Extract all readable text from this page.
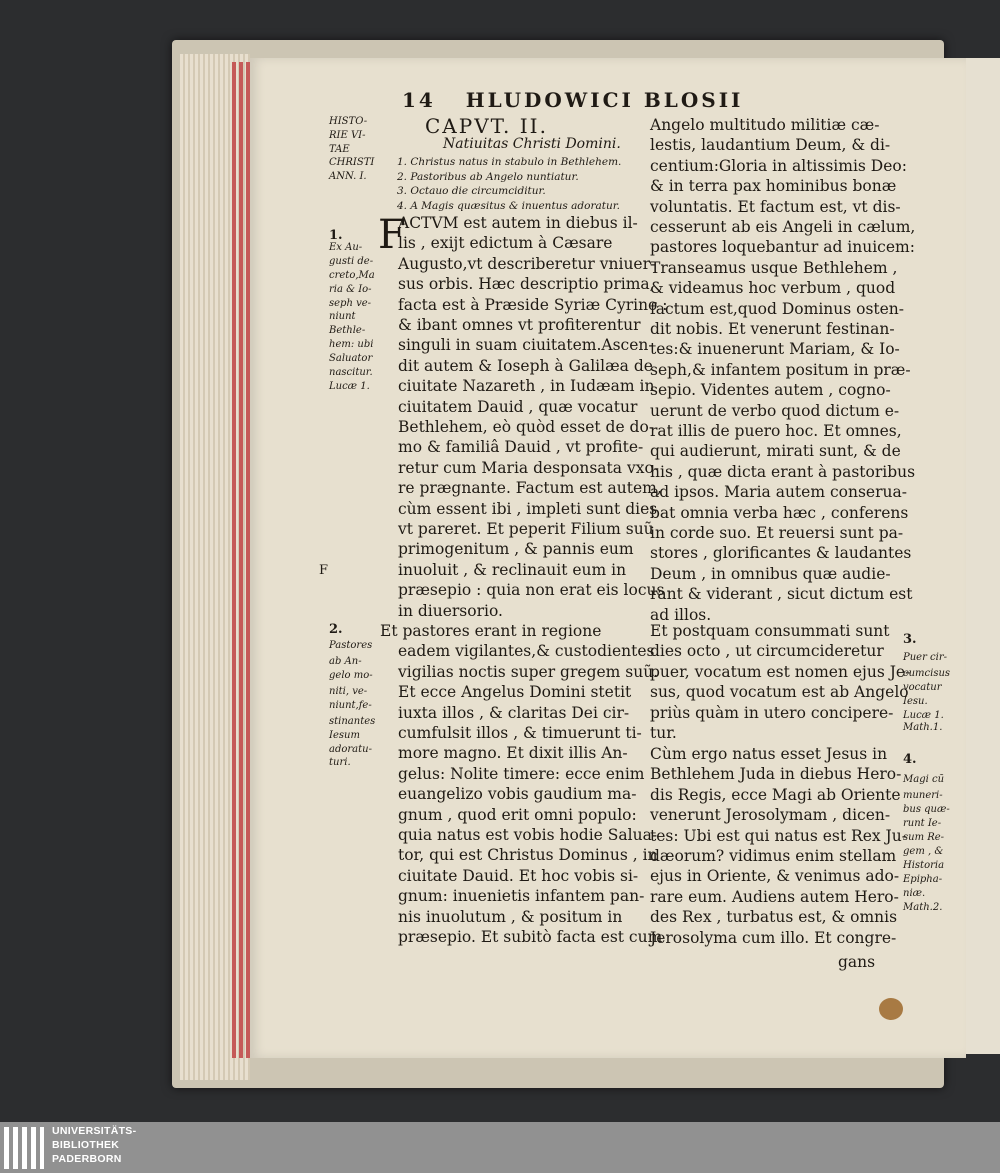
14 HLUDOWICI BLOSII
CAPVT. II.
Natiuitas Christi Domini.
1. Christus natus in stabulo in Bethlehem.
2. Pastoribus ab Angelo nuntiatur.
3. Octauo die circumciditur.
4. A Magis quæsitus & inuentus adoratur.
F
F
ACTVM est autem in diebus il-
lis , exijt edictum à Cæsare
Augusto,vt describeretur vniuer-
sus orbis. Hæc descriptio prima,
facta est à Præside Syriæ Cyrino :
& ibant omnes vt profiterentur
singuli in suam ciuitatem.Ascen-
dit autem & Ioseph à Galilæa de
ciuitate Nazareth , in Iudæam in
ciuitatem Dauid , quæ vocatur
Bethlehem, eò quòd esset de do-
mo & familiâ Dauid , vt profite-
retur cum Maria desponsata vxo-
re prægnante. Factum est autem,
cùm essent ibi , impleti sunt dies
vt pareret. Et peperit Filium suũ
primogenitum , & pannis eum
inuoluit , & reclinauit eum in
præsepio : quia non erat eis locus
in diuersorio.
Et pastores erant in regione
eadem vigilantes,& custodientes
vigilias noctis super gregem suũ.
Et ecce Angelus Domini stetit
iuxta illos , & claritas Dei cir-
cumfulsit illos , & timuerunt ti-
more magno. Et dixit illis An-
gelus: Nolite timere: ecce enim
euangelizo vobis gaudium ma-
gnum , quod erit omni populo:
quia natus est vobis hodie Saluа-
tor, qui est Christus Dominus , in
ciuitate Dauid. Et hoc vobis si-
gnum: inuenietis infantem pan-
nis inuolutum , & positum in
præsepio. Et subitò facta est cum
Angelo multitudo militiæ cæ-
lestis, laudantium Deum, & di-
centium:Gloria in altissimis Deo:
& in terra pax hominibus bonæ
voluntatis. Et factum est, vt dis-
cesserunt ab eis Angeli in cælum,
pastores loquebantur ad inuicem:
Transeamus usque Bethlehem ,
& videamus hoc verbum , quod
factum est,quod Dominus osten-
dit nobis. Et venerunt festinan-
tes:& inuenerunt Mariam, & Io-
seph,& infantem positum in præ-
sepio. Videntes autem , cogno-
uerunt de verbo quod dictum e-
rat illis de puero hoc. Et omnes,
qui audierunt, mirati sunt, & de
his , quæ dicta erant à pastoribus
ad ipsos. Maria autem conserua-
bat omnia verba hæc , conferens
in corde suo. Et reuersi sunt pa-
stores , glorificantes & laudantes
Deum , in omnibus quæ audie-
rant & viderant , sicut dictum est
ad illos.
Et postquam consummati sunt
dies octo , ut circumcideretur
puer, vocatum est nomen ejus Je-
sus, quod vocatum est ab Angelo
priùs quàm in utero concipere-
tur.
Cùm ergo natus esset Jesus in
Bethlehem Juda in diebus Hero-
dis Regis, ecce Magi ab Oriente
venerunt Jerosolymam , dicen-
tes: Ubi est qui natus est Rex Ju-
dæorum? vidimus enim stellam
ejus in Oriente, & venimus ado-
rare eum. Audiens autem Hero-
des Rex , turbatus est, & omnis
Jerosolyma cum illo. Et congre-
gans
HISTO-
RIE VI-
TAE
CHRISTI
ANN. I.
1.
Ex Au-
gusti de-
creto,Ma
ria & Io-
seph ve-
niunt
Bethle-
hem: ubi
Saluator
nascitur.
Lucæ 1.
2.
Pastores
ab An-
gelo mo-
niti, ve-
niunt,fe-
stinantes
Iesum
adoratu-
turi.
3.
Puer cir-
cumcisus
vocatur
Iesu.
Lucæ 1.
Math.1.
4.
Magi cũ
muneri-
bus quæ-
runt Ie-
sum Re-
gem , &
Historia
Epipha-
niæ.
Math.2.
UNIVERSITÄTS-
BIBLIOTHEK
PADERBORN
